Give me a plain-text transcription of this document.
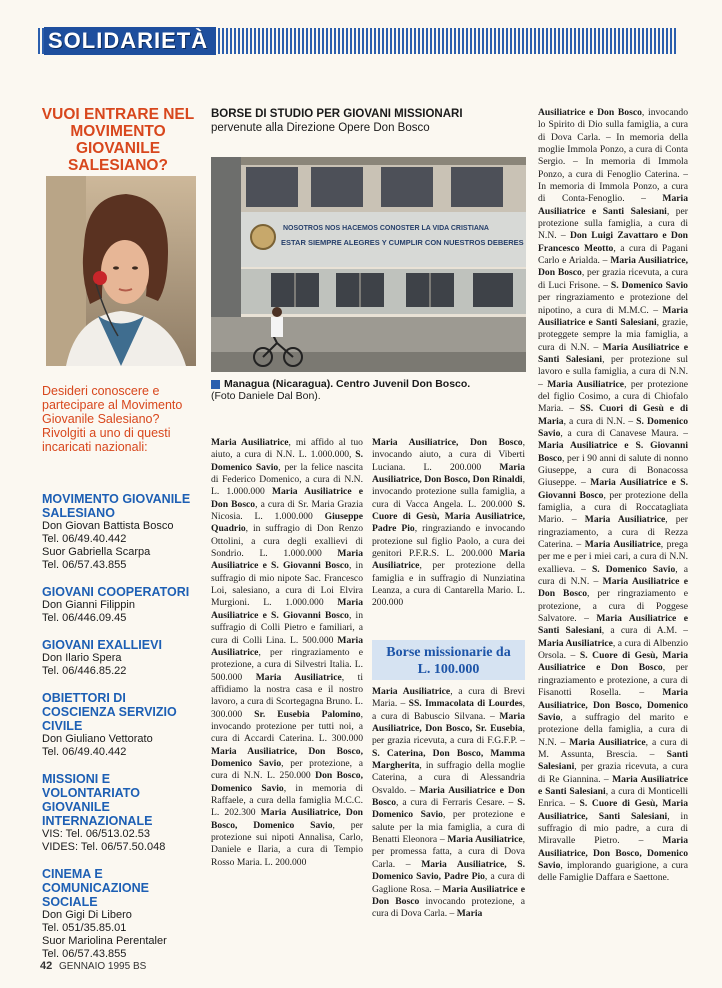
SOLIDARIETÀ
VUOI ENTRARE NEL MOVIMENTO GIOVANILE SALESIANO?
Desideri conoscere e partecipare al Movimento Giovanile Salesiano? Rivolgiti a uno di questi incaricati nazionali:
MOVIMENTO GIOVANILE SALESIANO
Don Giovan Battista Bosco
Tel. 06/49.40.442
Suor Gabriella Scarpa
Tel. 06/57.43.855
GIOVANI COOPERATORI
Don Gianni Filippin
Tel. 06/446.09.45
GIOVANI EXALLIEVI
Don Ilario Spera
Tel. 06/446.85.22
OBIETTORI DI COSCIENZA SERVIZIO CIVILE
Don Giuliano Vettorato
Tel. 06/49.40.442
MISSIONI E VOLONTARIATO GIOVANILE INTERNAZIONALE
VIS: Tel. 06/513.02.53
VIDES: Tel. 06/57.50.048
CINEMA E COMUNICAZIONE SOCIALE
Don Gigi Di Libero
Tel. 051/35.85.01
Suor Mariolina Perentaler
Tel. 06/57.43.855
BORSE DI STUDIO PER GIOVANI MISSIONARI
pervenute alla Direzione Opere Don Bosco
NOSOTROS NOS HACEMOS CONOSTER LA VIDA CRISTIANA
ESTAR SIEMPRE ALEGRES Y CUMPLIR CON NUESTROS DEBERES
Managua (Nicaragua). Centro Juvenil Don Bosco.
(Foto Daniele Dal Bon).

Maria Ausiliatrice, mi affido al tuo aiuto, a cura di N.N. L. 1.000.000, S. Domenico Savio, per la felice nascita di Federico Domenico, a cura di N.N. L. 1.000.000 Maria Ausiliatrice e Don Bosco, a cura di Sr. Maria Grazia Nicosia. L. 1.000.000 Giuseppe Quadrio, in suffragio di Don Renzo Ottolini, a cura degli exallievi di Sondrio. L. 1.000.000 Maria Ausiliatrice e S. Giovanni Bosco, in suffragio di mio nipote Sac. Francesco Loi, salesiano, a cura di Loi Elvira Murgioni. L. 1.000.000 Maria Ausiliatrice e S. Giovanni Bosco, in suffragio di Colli Pietro e familiari, a cura di Colli Lina. L. 500.000 Maria Ausiliatrice, per ringraziamento e protezione, a cura di Silvestri Italia. L. 500.000 Maria Ausiliatrice, ti affidiamo la nostra casa e il nostro lavoro, a cura di Scortegagna Bruno. L. 300.000 Sr. Eusebia Palomino, invocando protezione per tutti noi, a cura di Accardi Caterina. L. 300.000 Maria Ausiliatrice, Don Bosco, Domenico Savio, per protezione, a cura di N.N. L. 250.000 Don Bosco, Domenico Savio, in memoria di Raffaele, a cura della famiglia M.C.C. L. 202.300 Maria Ausiliatrice, Don Bosco, Domenico Savio, per protezione sui nipoti Annalisa, Carlo, Daniele e Ilaria, a cura di Tempio Rosso Maria. L. 200.000

Maria Ausiliatrice, Don Bosco, invocando aiuto, a cura di Viberti Luciana. L. 200.000 Maria Ausiliatrice, Don Bosco, Don Rinaldi, invocando protezione sulla famiglia, a cura di Vacca Angela. L. 200.000 S. Cuore di Gesù, Maria Ausiliatrice, Padre Pio, ringraziando e invocando protezione sul figlio Paolo, a cura dei genitori P.F.R.S. L. 200.000 Maria Ausiliatrice, per protezione della famiglia e in suffragio di Nunziatina Leanza, a cura di Cantarella Mario. L. 200.000

Borse missionarie da
L. 100.000

Maria Ausiliatrice, a cura di Brevi Maria. – SS. Immacolata di Lourdes, a cura di Babuscio Silvana. – Maria Ausiliatrice, Don Bosco, Sr. Eusebia, per grazia ricevuta, a cura di F.G.F.P. – S. Caterina, Don Bosco, Mamma Margherita, in suffragio della moglie Caterina, a cura di Alessandria Osvaldo. – Maria Ausiliatrice e Don Bosco, a cura di Ferraris Cesare. – S. Domenico Savio, per protezione e salute per la mia famiglia, a cura di Benatti Eleonora – Maria Ausiliatrice, per promessa fatta, a cura di Dova Carla. – Maria Ausiliatrice, S. Domenico Savio, Padre Pio, a cura di Gaglione Rosa. – Maria Ausiliatrice e Don Bosco invocando protezione, a cura di Dova Carla. – Maria

Ausiliatrice e Don Bosco, invocando lo Spirito di Dio sulla famiglia, a cura di Dova Carla. – In memoria della moglie Immola Ponzo, a cura di Conta Sergio. – In memoria di Immola Ponzo, a cura di Fenoglio Caterina. – In memoria di Immola Ponzo, a cura di Conta-Fenoglio. – Maria Ausiliatrice e Santi Salesiani, per protezione sulla famiglia, a cura di N.N. – Don Luigi Zavattaro e Don Francesco Meotto, a cura di Pagani Carlo e Arialda. – Maria Ausiliatrice, Don Bosco, per grazia ricevuta, a cura di Luci Frisone. – S. Domenico Savio per ringraziamento e protezione del nipotino, a cura di M.M.C. – Maria Ausiliatrice e Santi Salesiani, grazie, proteggete sempre la mia famiglia, a cura di N.N. – Maria Ausiliatrice e Santi Salesiani, per protezione sul lavoro e sulla famiglia, a cura di N.N. – Maria Ausiliatrice, per protezione del figlio Cosimo, a cura di Chiofalo Maria. – SS. Cuori di Gesù e di Maria, a cura di N.N. – S. Domenico Savio, a cura di Canavese Maura. – Maria Ausiliatrice e S. Giovanni Bosco, per i 90 anni di salute di nonno Giuseppe, a cura di Bonacossa Giuseppe. – Maria Ausiliatrice e S. Giovanni Bosco, per protezione della famiglia, a cura di Roccatagliata Mario. – Maria Ausiliatrice, per ringraziamento, a cura di Rezza Caterina. – Maria Ausiliatrice, prega per me e per i miei cari, a cura di N.N. exallieva. – S. Domenico Savio, a cura di N.N. – Maria Ausiliatrice e Don Bosco, per ringraziamento e protezione, a cura di Poggese Salvatore. – Maria Ausiliatrice e Santi Salesiani, a cura di A.M. – Maria Ausiliatrice, a cura di Albenzio Orsola. – S. Cuore di Gesù, Maria Ausiliatrice e Don Bosco, per ringraziamento e protezione, a cura di Fisanotti Rosella. – Maria Ausiliatrice, Don Bosco, Domenico Savio, a suffragio del marito e protezione della famiglia, a cura di N.N. – Maria Ausiliatrice, a cura di M. Assunta, Brescia. – Santi Salesiani, per grazia ricevuta, a cura di Re Giannina. – Maria Ausiliatrice e Santi Salesiani, a cura di Monticelli Enrica. – S. Cuore di Gesù, Maria Ausiliatrice, Santi Salesiani, in suffragio di mio padre, a cura di Miravalle Pietro. – Maria Ausiliatrice, Don Bosco, Domenico Savio, implorando guarigione, a cura delle Famiglie Daffara e Saettone.

42 GENNAIO 1995 BS
